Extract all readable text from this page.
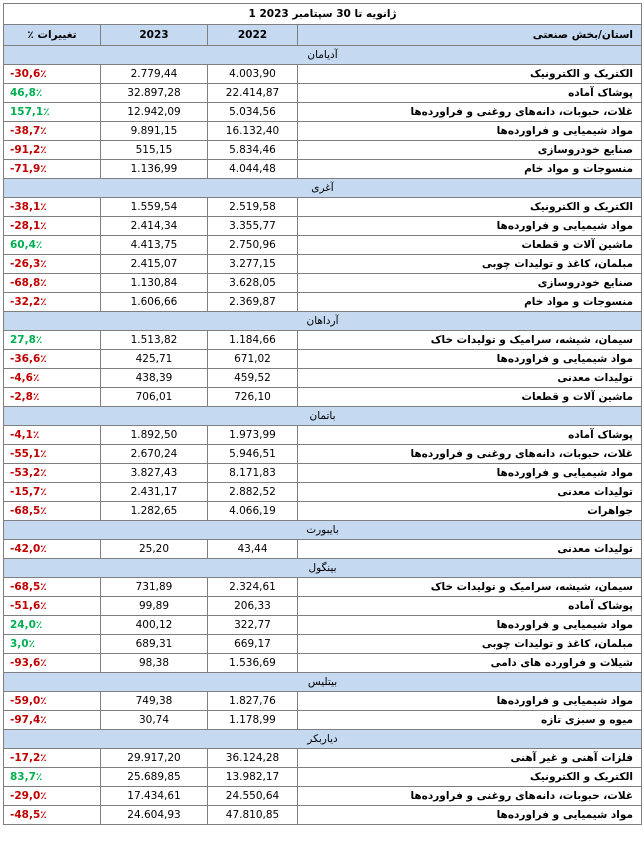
1 ژانویه تا 30 سپتامبر 2023			
٪ تغییرات	2023	2022	استان/بخش صنعتی
آدیامان			
-30,6٪	2.779,44	4.003,90	الکتریک و الکترونیک
46,8٪	32.897,28	22.414,87	پوشاک آماده
157,1٪	12.942,09	5.034,56	غلات، حبوبات، دانه‌های روغنی و فراورده‌ها
-38,7٪	9.891,15	16.132,40	مواد شیمیایی و فراورده‌ها
-91,2٪	515,15	5.834,46	صنایع خودروسازی
-71,9٪	1.136,99	4.044,48	منسوجات و مواد خام
آغری			
-38,1٪	1.559,54	2.519,58	الکتریک و الکترونیک
-28,1٪	2.414,34	3.355,77	مواد شیمیایی و فراورده‌ها
60,4٪	4.413,75	2.750,96	ماشین آلات و قطعات
-26,3٪	2.415,07	3.277,15	مبلمان، کاغذ و تولیدات چوبی
-68,8٪	1.130,84	3.628,05	صنایع خودروسازی
-32,2٪	1.606,66	2.369,87	منسوجات و مواد خام
آرداهان			
27,8٪	1.513,82	1.184,66	سیمان، شیشه، سرامیک و تولیدات خاک
-36,6٪	425,71	671,02	مواد شیمیایی و فراورده‌ها
-4,6٪	438,39	459,52	تولیدات معدنی
-2,8٪	706,01	726,10	ماشین آلات و قطعات
باتمان			
-4,1٪	1.892,50	1.973,99	پوشاک آماده
-55,1٪	2.670,24	5.946,51	غلات، حبوبات، دانه‌های روغنی و فراورده‌ها
-53,2٪	3.827,43	8.171,83	مواد شیمیایی و فراورده‌ها
-15,7٪	2.431,17	2.882,52	تولیدات معدنی
-68,5٪	1.282,65	4.066,19	جواهرات
بایبورت			
-42,0٪	25,20	43,44	تولیدات معدنی
بینگول			
-68,5٪	731,89	2.324,61	سیمان، شیشه، سرامیک و تولیدات خاک
-51,6٪	99,89	206,33	پوشاک آماده
24,0٪	400,12	322,77	مواد شیمیایی و فراورده‌ها
3,0٪	689,31	669,17	مبلمان، کاغذ و تولیدات چوبی
-93,6٪	98,38	1.536,69	شیلات و فراورده های دامی
بیتلیس			
-59,0٪	749,38	1.827,76	مواد شیمیایی و فراورده‌ها
-97,4٪	30,74	1.178,99	میوه و سبزی تازه
دیاربکر			
-17,2٪	29.917,20	36.124,28	فلزات آهنی و غیر آهنی
83,7٪	25.689,85	13.982,17	الکتریک و الکترونیک
-29,0٪	17.434,61	24.550,64	غلات، حبوبات، دانه‌های روغنی و فراورده‌ها
-48,5٪	24.604,93	47.810,85	مواد شیمیایی و فراورده‌ها
